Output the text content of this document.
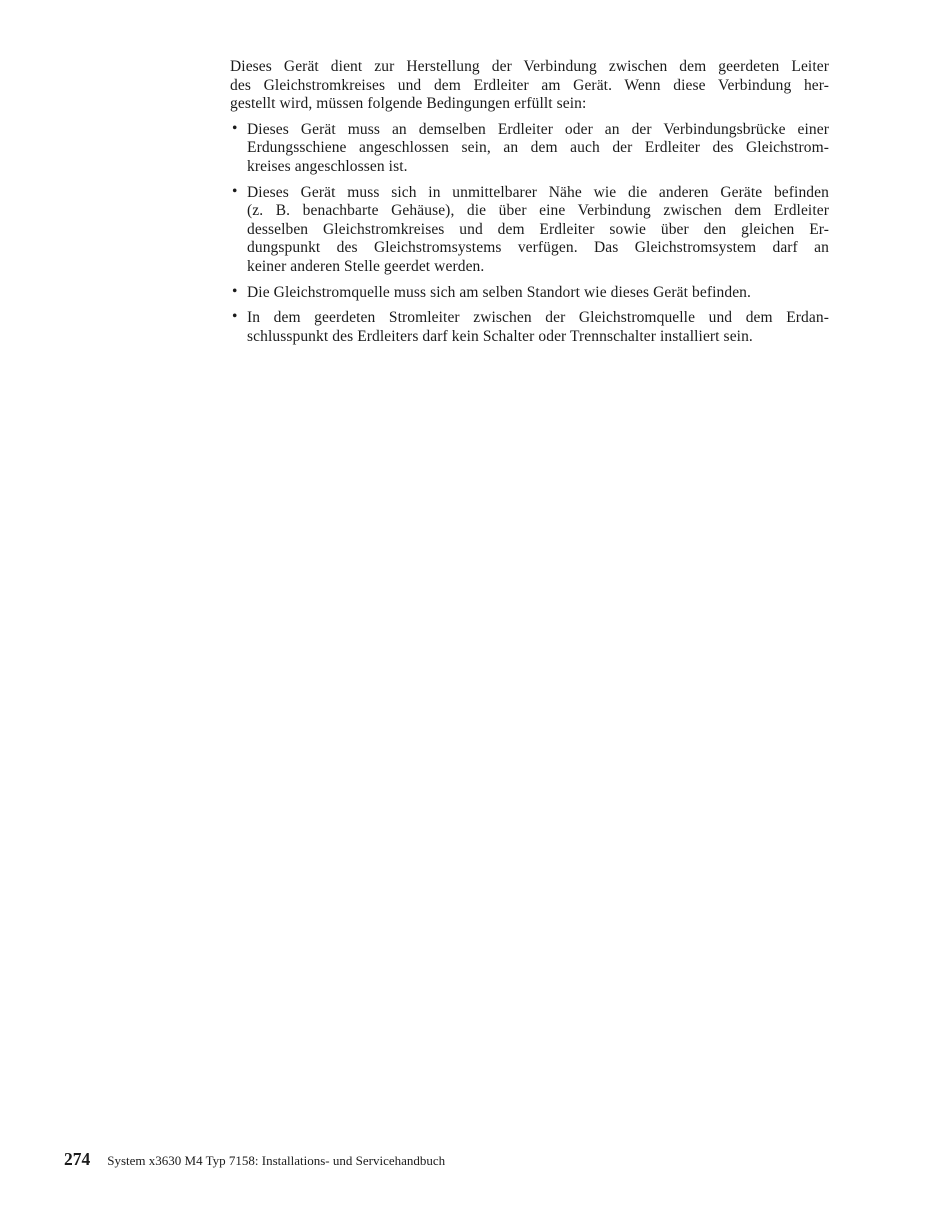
Dieses Gerät dient zur Herstellung der Verbindung zwischen dem geerdeten Leiter
des Gleichstromkreises und dem Erdleiter am Gerät. Wenn diese Verbindung her-
gestellt wird, müssen folgende Bedingungen erfüllt sein:
• Dieses Gerät muss an demselben Erdleiter oder an der Verbindungsbrücke einer
Erdungsschiene angeschlossen sein, an dem auch der Erdleiter des Gleichstrom-
kreises angeschlossen ist.
• Dieses Gerät muss sich in unmittelbarer Nähe wie die anderen Geräte befinden
(z. B. benachbarte Gehäuse), die über eine Verbindung zwischen dem Erdleiter
desselben Gleichstromkreises und dem Erdleiter sowie über den gleichen Er-
dungspunkt des Gleichstromsystems verfügen. Das Gleichstromsystem darf an
keiner anderen Stelle geerdet werden.
• Die Gleichstromquelle muss sich am selben Standort wie dieses Gerät befinden.
• In dem geerdeten Stromleiter zwischen der Gleichstromquelle und dem Erdan-
schlusspunkt des Erdleiters darf kein Schalter oder Trennschalter installiert sein.
274 System x3630 M4 Typ 7158: Installations- und Servicehandbuch
